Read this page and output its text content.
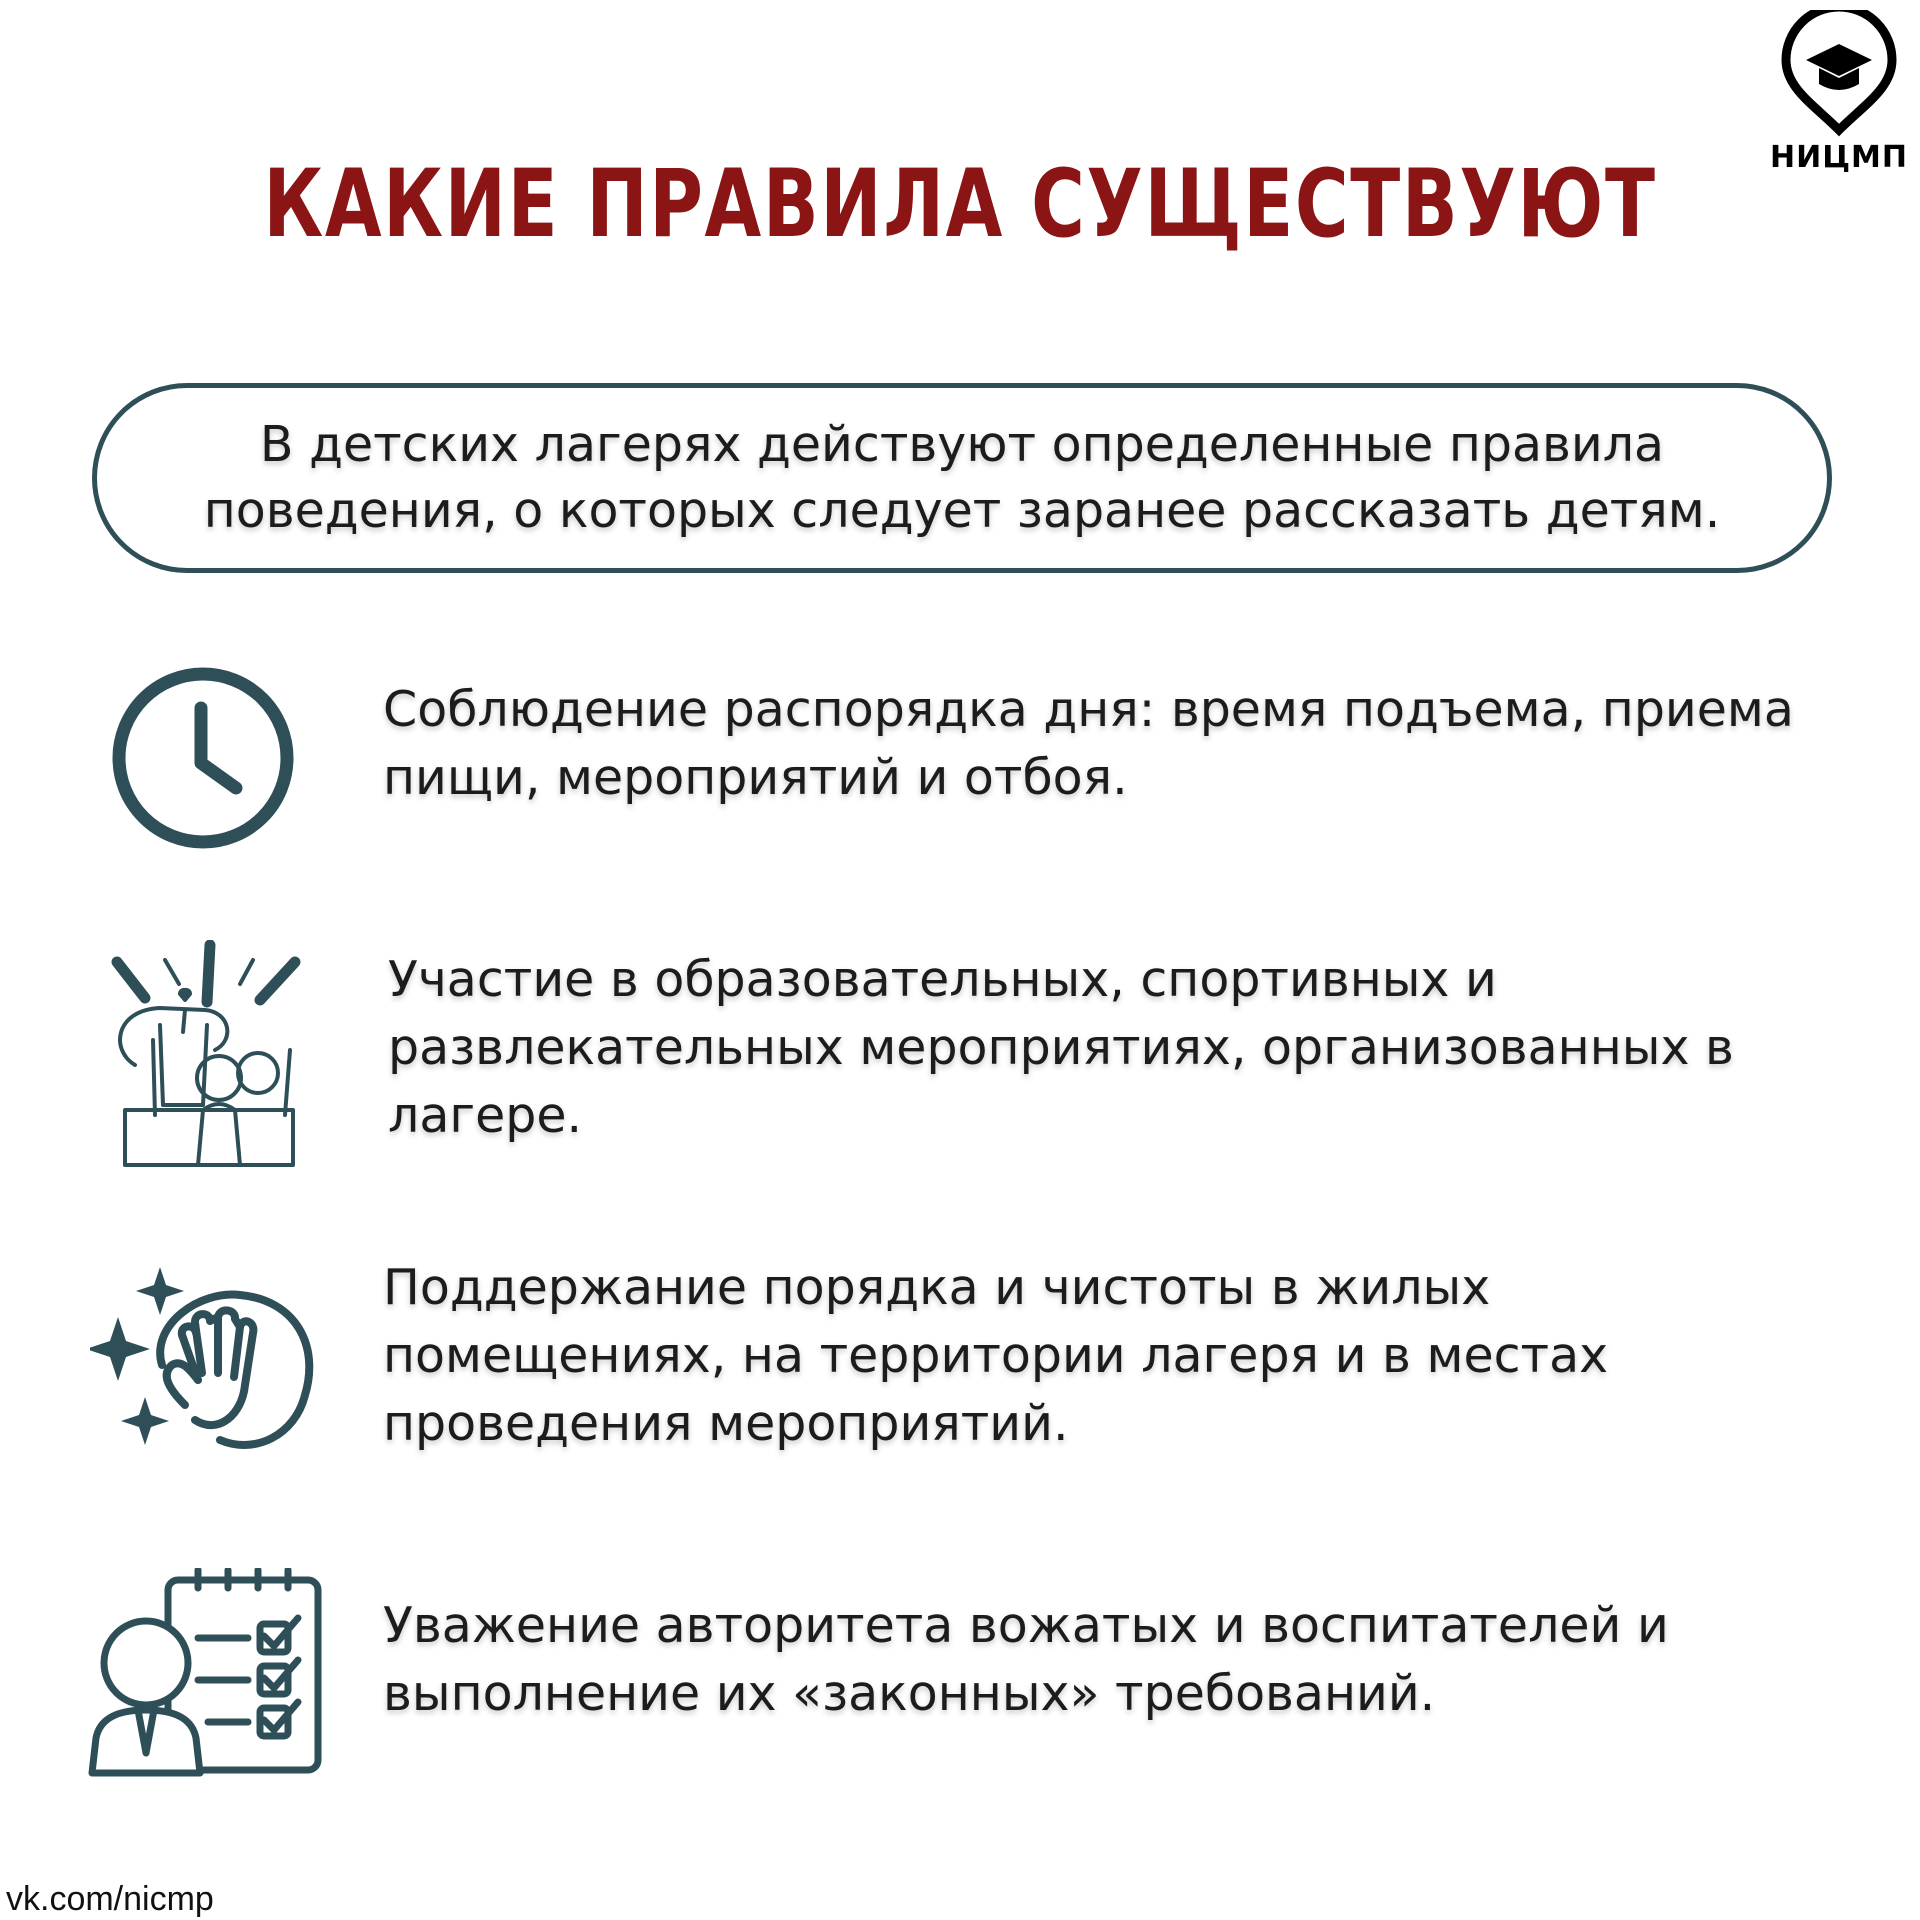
НИЦМП
КАКИЕ ПРАВИЛА СУЩЕСТВУЮТ
В детских лагерях действуют определенные правила поведения, о которых следует заранее рассказать детям.
Соблюдение распорядка дня: время подъема, приема пищи, мероприятий и отбоя.
Участие в образовательных, спортивных и развлекательных мероприятиях, организованных в лагере.
Поддержание порядка и чистоты в жилых помещениях, на территории лагеря и в местах проведения мероприятий.
Уважение авторитета вожатых и воспитателей и выполнение их «законных» требований.
vk.com/nicmp
